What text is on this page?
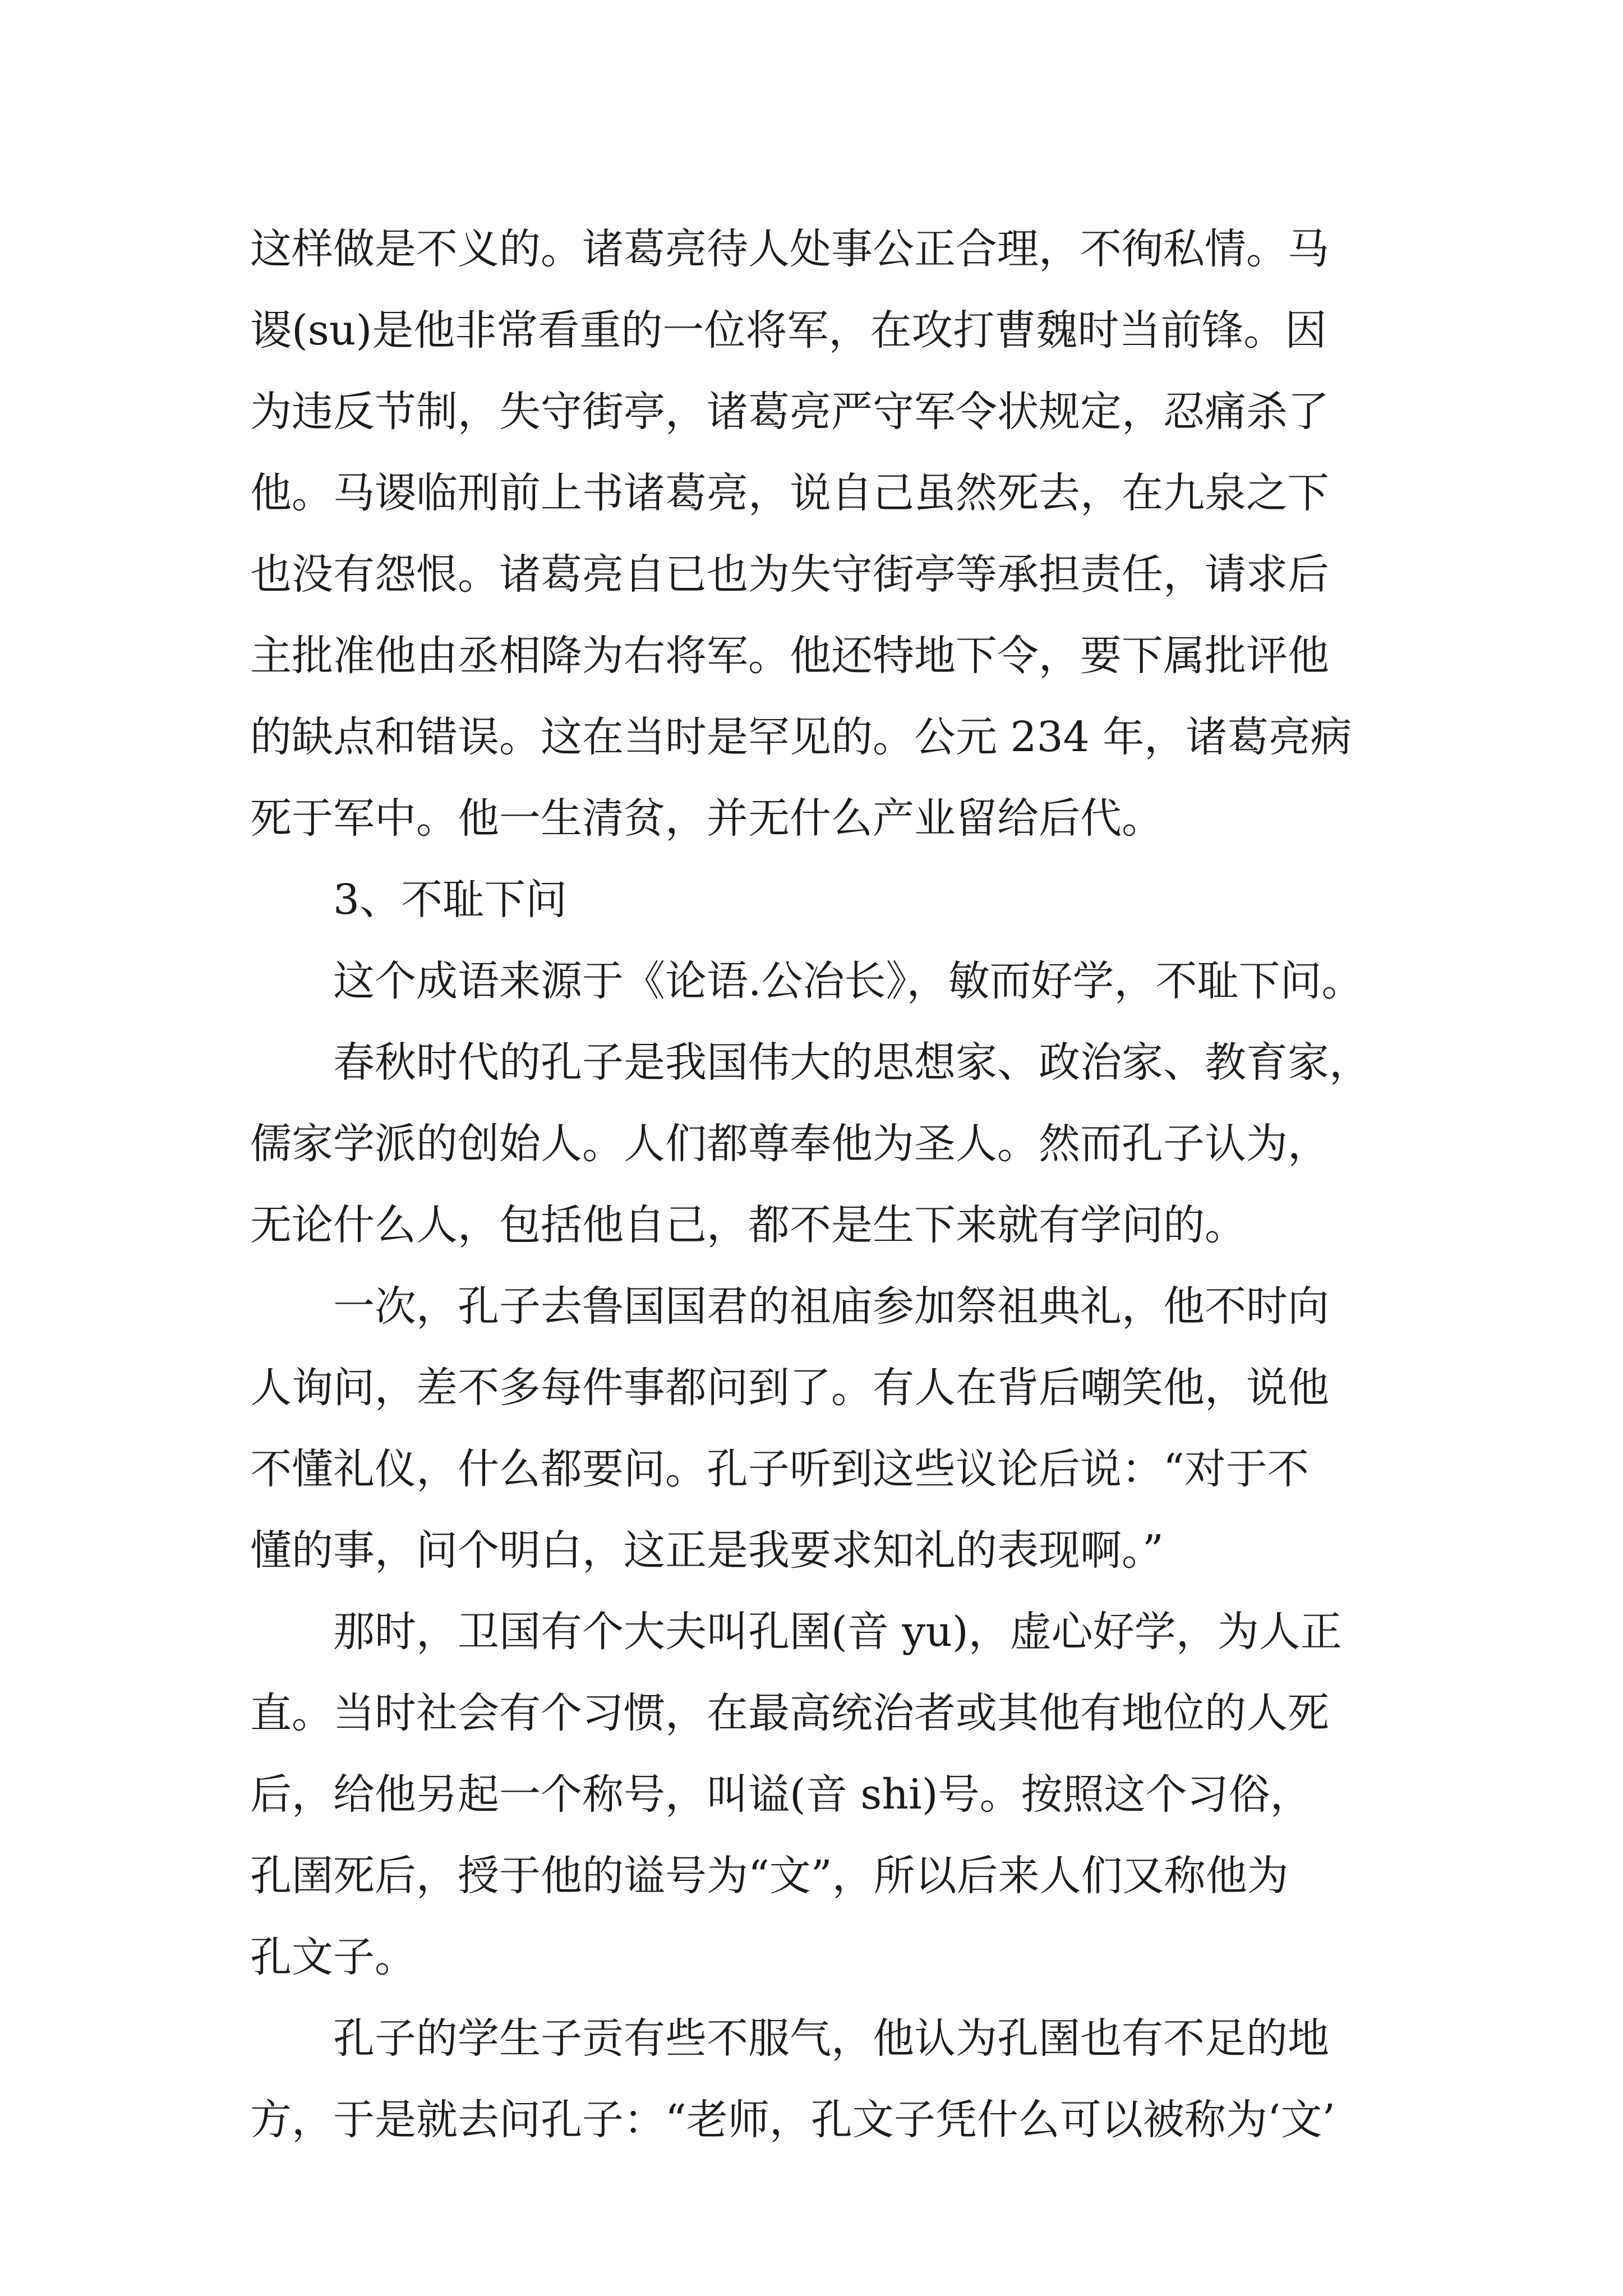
这样做是不义的。诸葛亮待人处事公正合理，不徇私情。马
谡(su)是他非常看重的一位将军，在攻打曹魏时当前锋。因
为违反节制，失守街亭，诸葛亮严守军令状规定，忍痛杀了
他。马谡临刑前上书诸葛亮，说自己虽然死去，在九泉之下
也没有怨恨。诸葛亮自已也为失守街亭等承担责任，请求后
主批准他由丞相降为右将军。他还特地下令，要下属批评他
的缺点和错误。这在当时是罕见的。公元 234 年，诸葛亮病
死于军中。他一生清贫，并无什么产业留给后代。
3、不耻下问
这个成语来源于《论语.公冶长》，敏而好学，不耻下问。
春秋时代的孔子是我国伟大的思想家、政治家、教育家，
儒家学派的创始人。人们都尊奉他为圣人。然而孔子认为，
无论什么人，包括他自己，都不是生下来就有学问的。
一次，孔子去鲁国国君的祖庙参加祭祖典礼，他不时向
人询问，差不多每件事都问到了。有人在背后嘲笑他，说他
不懂礼仪，什么都要问。孔子听到这些议论后说：“对于不
懂的事，问个明白，这正是我要求知礼的表现啊。”
那时，卫国有个大夫叫孔圉(音 yu)，虚心好学，为人正
直。当时社会有个习惯，在最高统治者或其他有地位的人死
后，给他另起一个称号，叫谥(音 shi)号。按照这个习俗，
孔圉死后，授于他的谥号为“文”，所以后来人们又称他为
孔文子。
孔子的学生子贡有些不服气，他认为孔圉也有不足的地
方，于是就去问孔子：“老师，孔文子凭什么可以被称为‘文’
